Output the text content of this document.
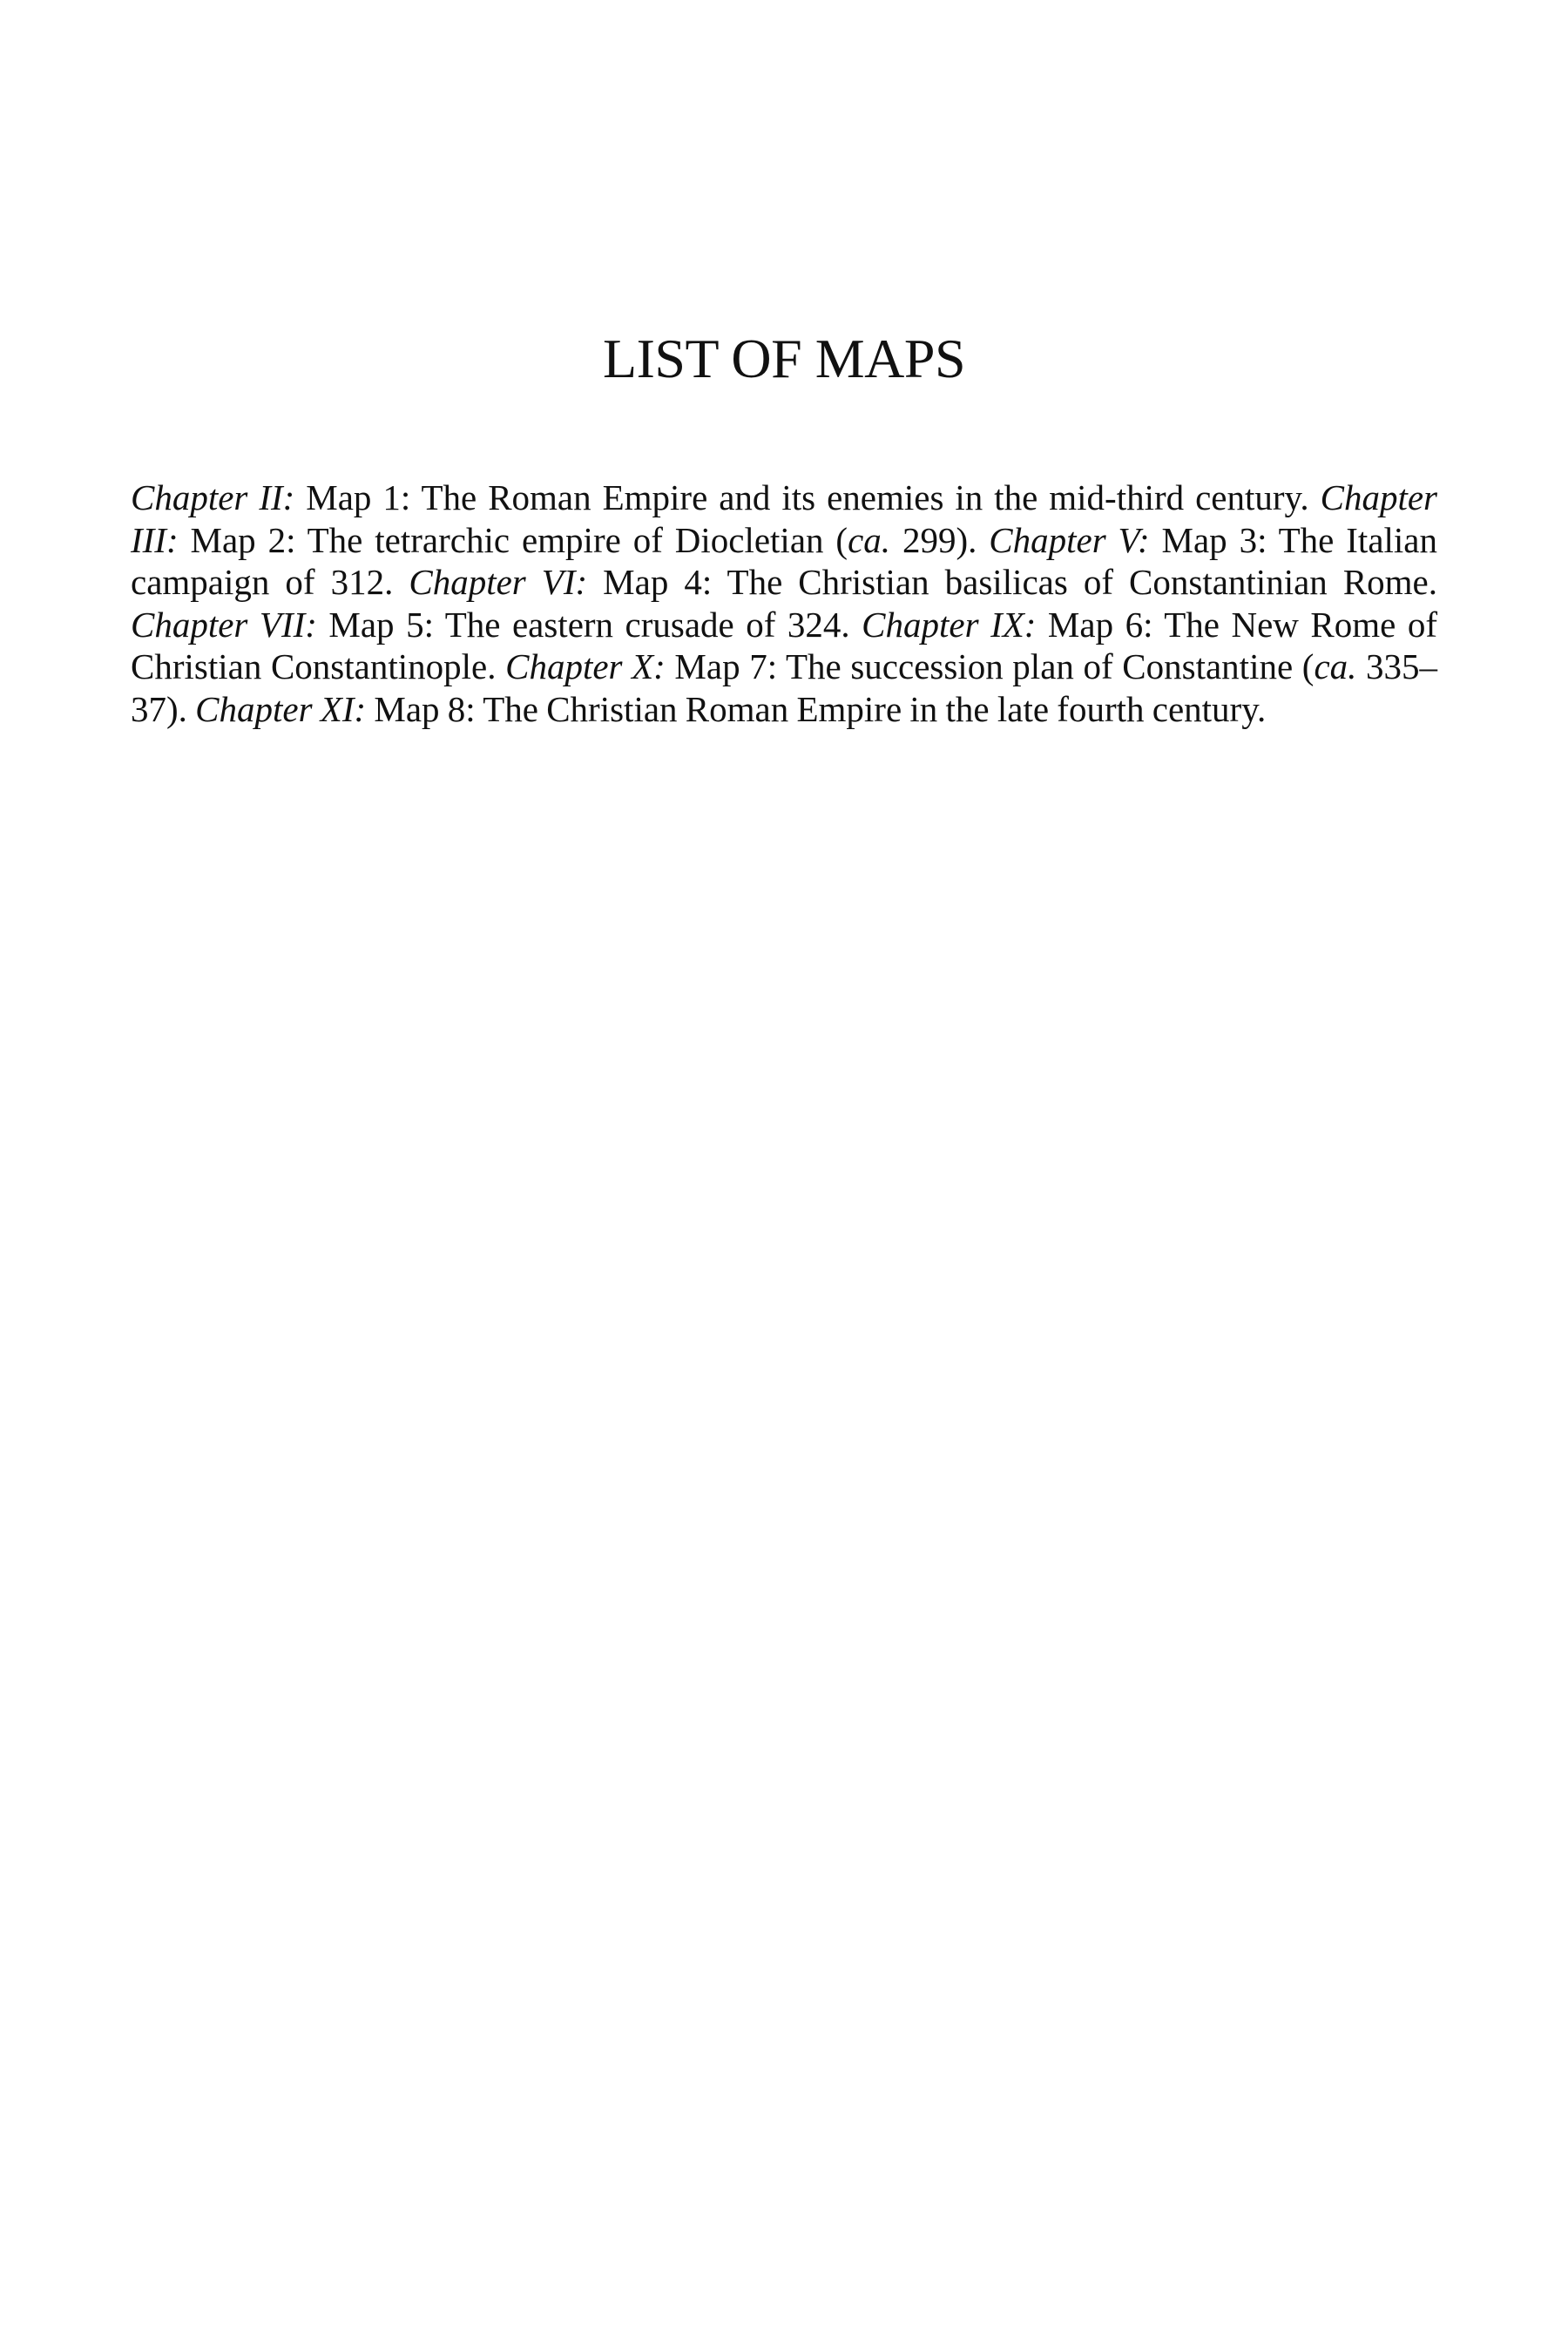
LIST OF MAPS

Chapter II: Map 1: The Roman Empire and its enemies in the mid-third century. Chapter III: Map 2: The tetrarchic empire of Diocletian (ca. 299). Chapter V: Map 3: The Italian campaign of 312. Chapter VI: Map 4: The Christian basilicas of Constantinian Rome. Chapter VII: Map 5: The eastern crusade of 324. Chapter IX: Map 6: The New Rome of Christian Constantinople. Chapter X: Map 7: The succession plan of Constantine (ca. 335–37). Chapter XI: Map 8: The Christian Roman Empire in the late fourth century.
